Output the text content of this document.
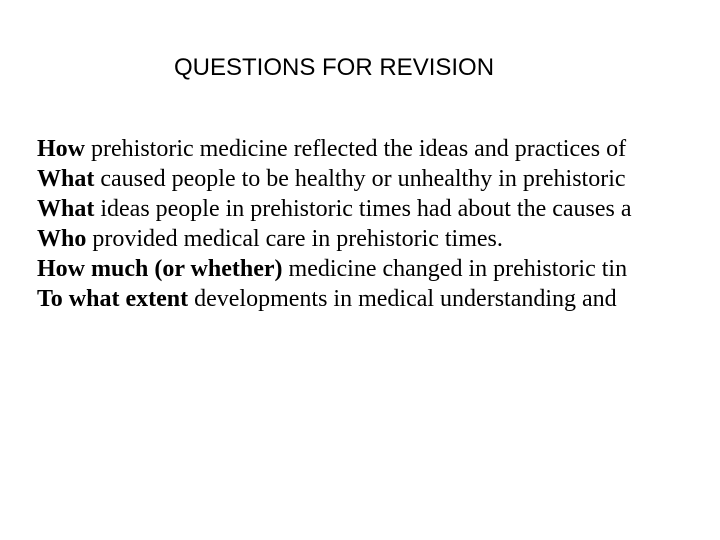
QUESTIONS FOR REVISION
How prehistoric medicine reflected the ideas and practices of
What caused people to be healthy or unhealthy in prehistoric
What ideas people in prehistoric times had about the causes a
Who provided medical care in prehistoric times.
How much (or whether) medicine changed in prehistoric tin
To what extent developments in medical understanding and
